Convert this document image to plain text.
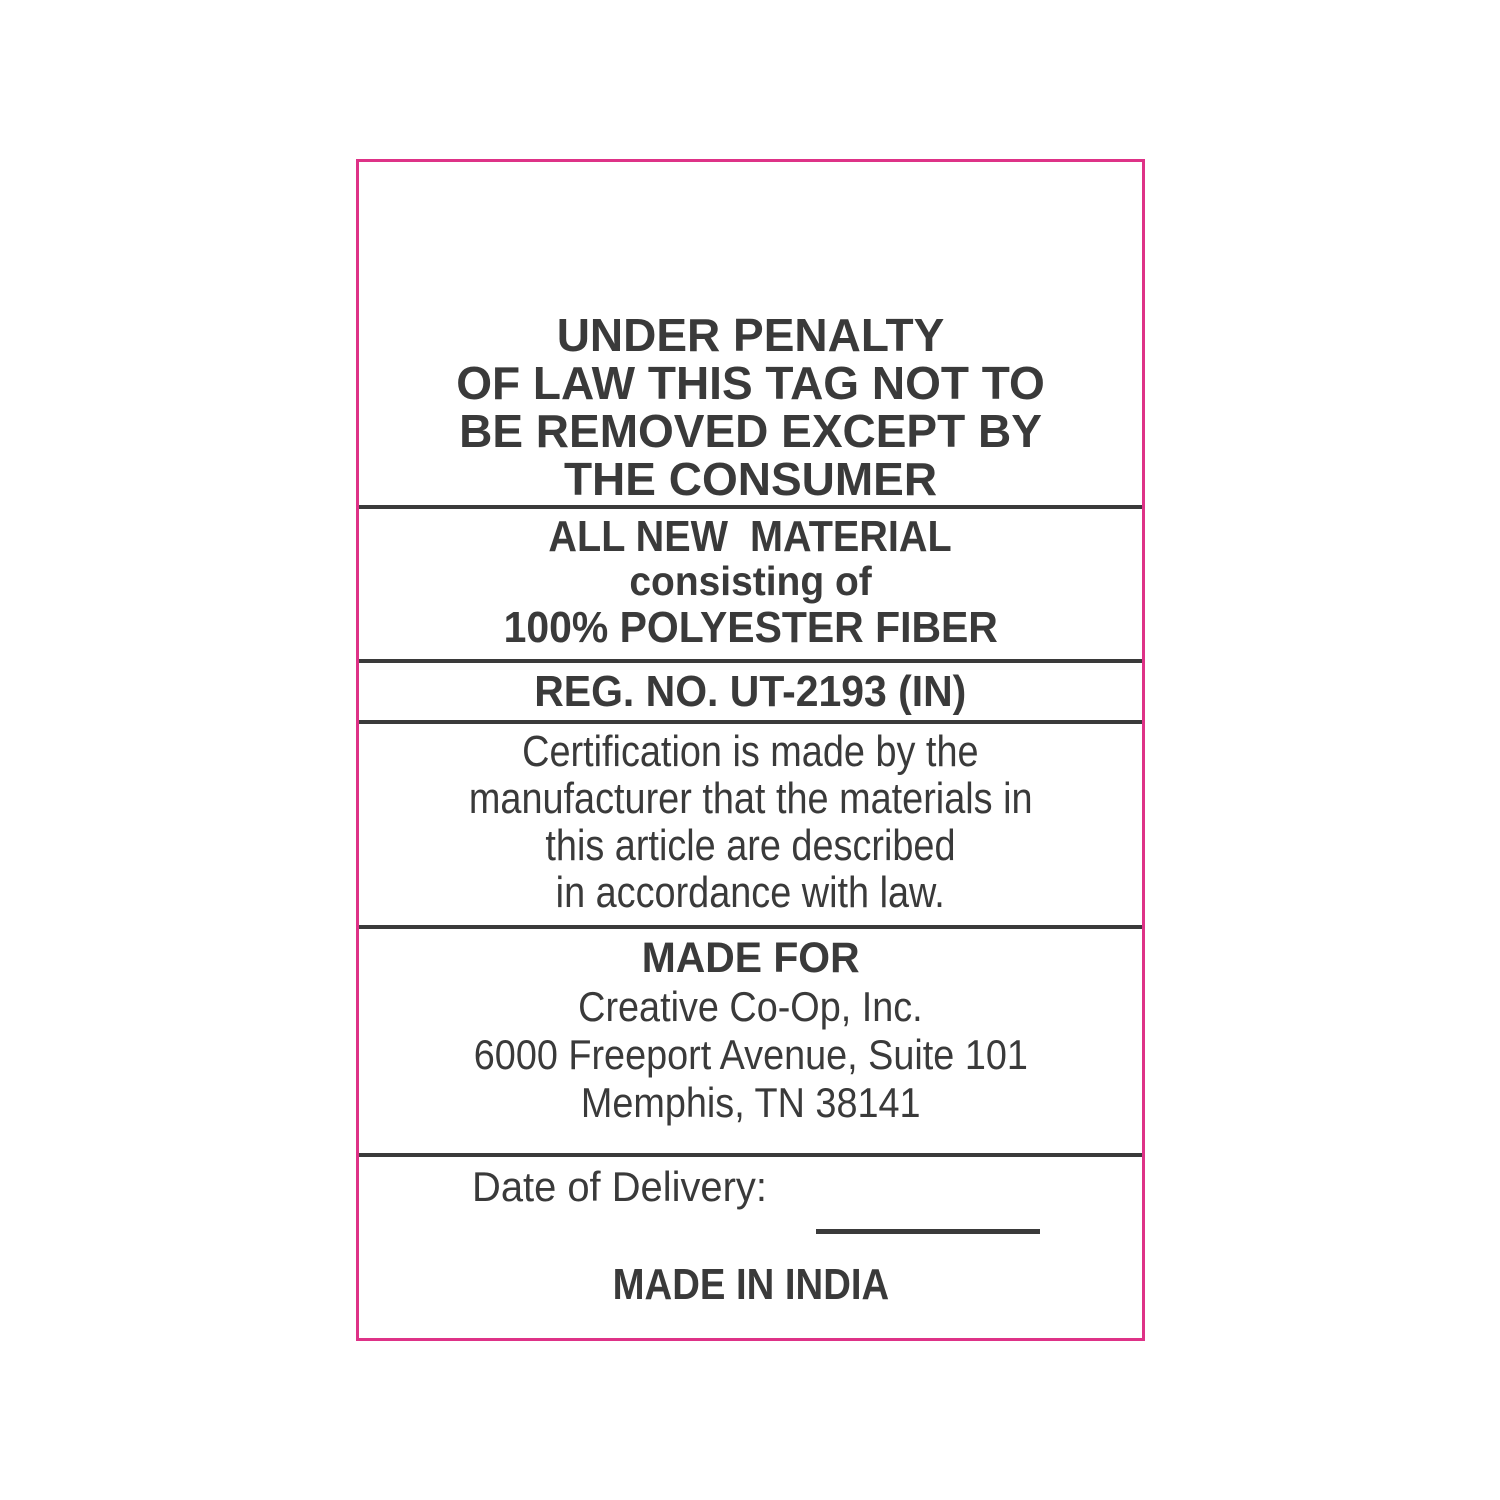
UNDER PENALTY
OF LAW THIS TAG NOT TO
BE REMOVED EXCEPT BY
THE CONSUMER
ALL NEW  MATERIAL
consisting of
100% POLYESTER FIBER
REG. NO. UT-2193 (IN)
Certification is made by the
manufacturer that the materials in
this article are described
in accordance with law.
MADE FOR
Creative Co-Op, Inc.
6000 Freeport Avenue, Suite 101
Memphis, TN 38141
Date of Delivery:
MADE IN INDIA
